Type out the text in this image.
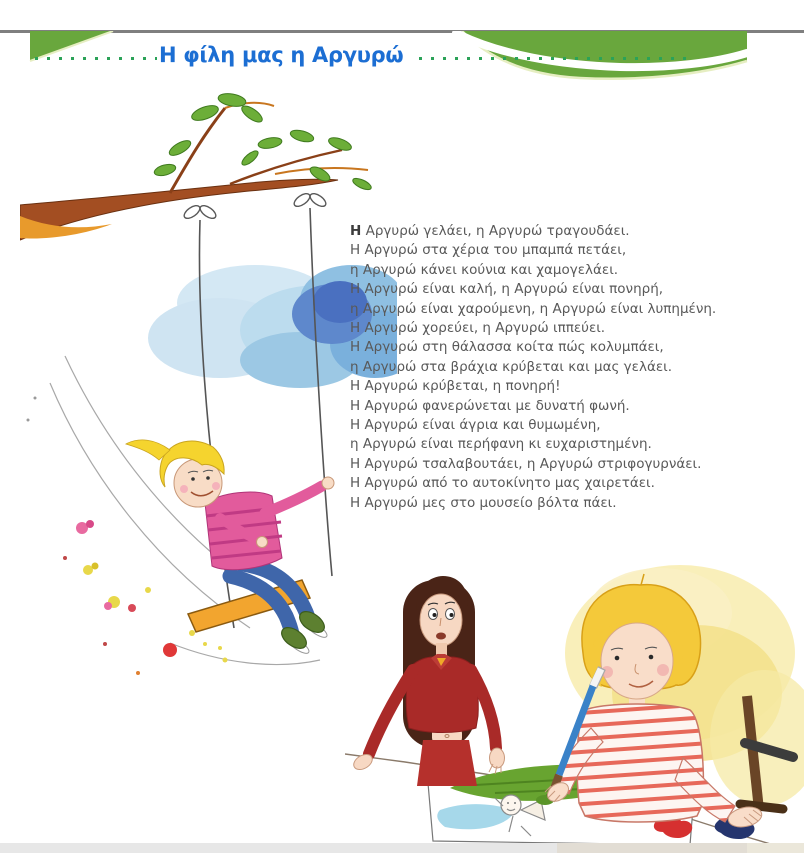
Η φίλη μας η Αργυρώ
Η Αργυρώ γελάει, η Αργυρώ τραγουδάει.
Η Αργυρώ στα χέρια του μπαμπά πετάει,
η Αργυρώ κάνει κούνια και χαμογελάει.
Η Αργυρώ είναι καλή, η Αργυρώ είναι πονηρή,
η Αργυρώ είναι χαρούμενη, η Αργυρώ είναι λυπημένη.
Η Αργυρώ χορεύει, η Αργυρώ ιππεύει.
Η Αργυρώ στη θάλασσα κοίτα πώς κολυμπάει,
η Αργυρώ στα βράχια κρύβεται και μας γελάει.
Η Αργυρώ κρύβεται, η πονηρή!
Η Αργυρώ φανερώνεται με δυνατή φωνή.
Η Αργυρώ είναι άγρια και θυμωμένη,
η Αργυρώ είναι περήφανη κι ευχαριστημένη.
Η Αργυρώ τσαλαβουτάει, η Αργυρώ στριφογυρνάει.
Η Αργυρώ από το αυτοκίνητο μας χαιρετάει.
Η Αργυρώ μες στο μουσείο βόλτα πάει.
